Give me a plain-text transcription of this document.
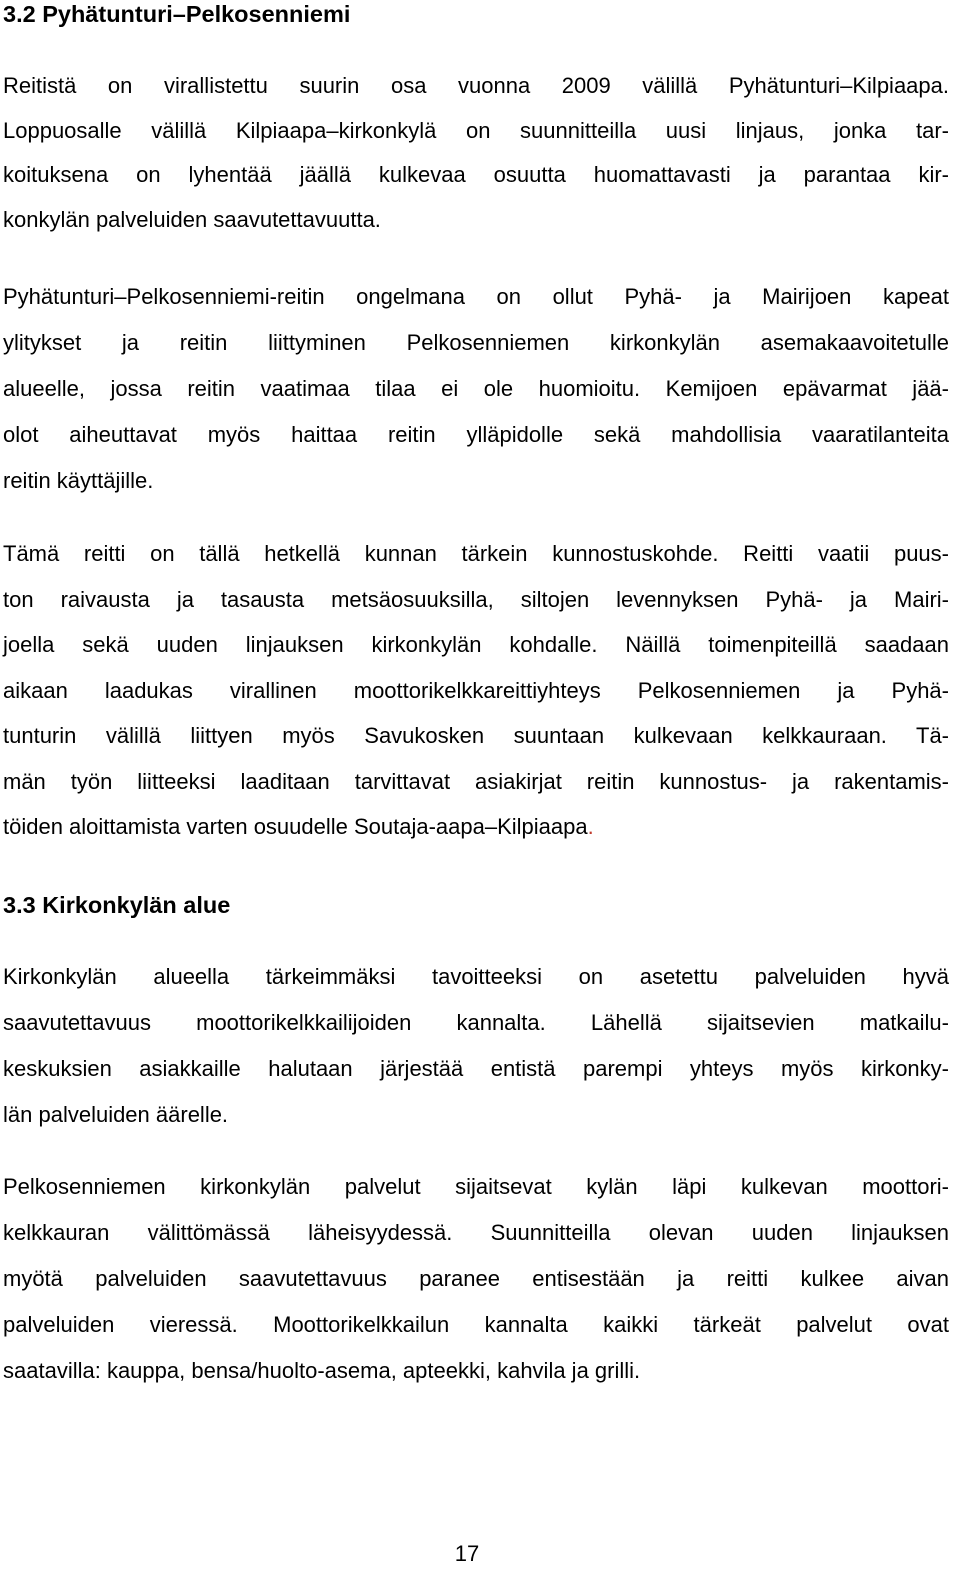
3.2 Pyhätunturi–Pelkosenniemi
Reitistä on virallistettu suurin osa vuonna 2009 välillä Pyhätunturi–Kilpiaapa.
Loppuosalle välillä Kilpiaapa–kirkonkylä on suunnitteilla uusi linjaus, jonka tar-
koituksena on lyhentää jäällä kulkevaa osuutta huomattavasti ja parantaa kir-
konkylän palveluiden saavutettavuutta.
Pyhätunturi–Pelkosenniemi-reitin ongelmana on ollut Pyhä- ja Mairijoen kapeat
ylitykset ja reitin liittyminen Pelkosenniemen kirkonkylän asemakaavoitetulle
alueelle, jossa reitin vaatimaa tilaa ei ole huomioitu. Kemijoen epävarmat jää-
olot aiheuttavat myös haittaa reitin ylläpidolle sekä mahdollisia vaaratilanteita
reitin käyttäjille.
Tämä reitti on tällä hetkellä kunnan tärkein kunnostuskohde. Reitti vaatii puus-
ton raivausta ja tasausta metsäosuuksilla, siltojen levennyksen Pyhä- ja Mairi-
joella sekä uuden linjauksen kirkonkylän kohdalle. Näillä toimenpiteillä saadaan
aikaan laadukas virallinen moottorikelkkareittiyhteys Pelkosenniemen ja Pyhä-
tunturin välillä liittyen myös Savukosken suuntaan kulkevaan kelkkauraan. Tä-
män työn liitteeksi laaditaan tarvittavat asiakirjat reitin kunnostus- ja rakentamis-
töiden aloittamista varten osuudelle Soutaja-aapa–Kilpiaapa.
3.3 Kirkonkylän alue
Kirkonkylän alueella tärkeimmäksi tavoitteeksi on asetettu palveluiden hyvä
saavutettavuus moottorikelkkailijoiden kannalta. Lähellä sijaitsevien matkailu-
keskuksien asiakkaille halutaan järjestää entistä parempi yhteys myös kirkonky-
län palveluiden äärelle.
Pelkosenniemen kirkonkylän palvelut sijaitsevat kylän läpi kulkevan moottori-
kelkkauran välittömässä läheisyydessä. Suunnitteilla olevan uuden linjauksen
myötä palveluiden saavutettavuus paranee entisestään ja reitti kulkee aivan
palveluiden vieressä. Moottorikelkkailun kannalta kaikki tärkeät palvelut ovat
saatavilla: kauppa, bensa/huolto-asema, apteekki, kahvila ja grilli.
17
